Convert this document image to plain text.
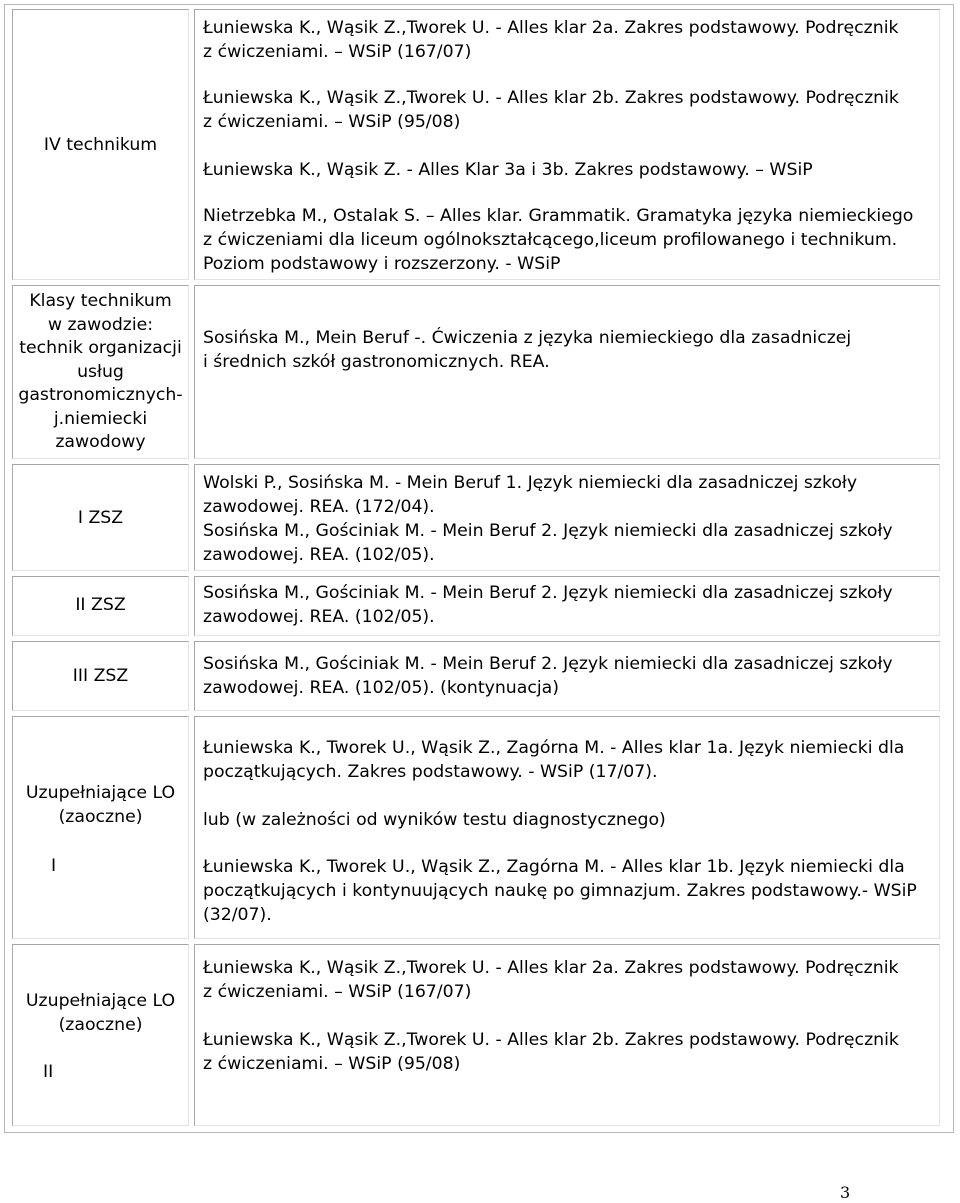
IV technikum
Łuniewska K., Wąsik Z.,Tworek U. - Alles klar 2a. Zakres podstawowy. Podręcznik
z ćwiczeniami. – WSiP (167/07)
Łuniewska K., Wąsik Z.,Tworek U. - Alles klar 2b. Zakres podstawowy. Podręcznik
z ćwiczeniami. – WSiP (95/08)
Łuniewska K., Wąsik Z. - Alles Klar 3a i 3b. Zakres podstawowy. – WSiP
Nietrzebka M., Ostalak S. – Alles klar. Grammatik. Gramatyka języka niemieckiego
z ćwiczeniami dla liceum ogólnokształcącego,liceum profilowanego i technikum.
Poziom podstawowy i rozszerzony. - WSiP
Klasy technikum
w zawodzie:
technik organizacji
usług
gastronomicznych-
j.niemiecki
zawodowy
Sosińska M., Mein Beruf -. Ćwiczenia z języka niemieckiego dla zasadniczej
i średnich szkół gastronomicznych. REA.
I ZSZ
Wolski P., Sosińska M. - Mein Beruf 1. Język niemiecki dla zasadniczej szkoły
zawodowej. REA. (172/04).
Sosińska M., Gościniak M. - Mein Beruf 2. Język niemiecki dla zasadniczej szkoły
zawodowej. REA. (102/05).
II ZSZ
Sosińska M., Gościniak M. - Mein Beruf 2. Język niemiecki dla zasadniczej szkoły
zawodowej. REA. (102/05).
III ZSZ
Sosińska M., Gościniak M. - Mein Beruf 2. Język niemiecki dla zasadniczej szkoły
zawodowej. REA. (102/05). (kontynuacja)
Uzupełniające LO
(zaoczne)
I
Łuniewska K., Tworek U., Wąsik Z., Zagórna M. - Alles klar 1a. Język niemiecki dla
początkujących. Zakres podstawowy. - WSiP (17/07).
lub (w zależności od wyników testu diagnostycznego)
Łuniewska K., Tworek U., Wąsik Z., Zagórna M. - Alles klar 1b. Język niemiecki dla
początkujących i kontynuujących naukę po gimnazjum. Zakres podstawowy.- WSiP
(32/07).
Uzupełniające LO
(zaoczne)
II
Łuniewska K., Wąsik Z.,Tworek U. - Alles klar 2a. Zakres podstawowy. Podręcznik
z ćwiczeniami. – WSiP (167/07)
Łuniewska K., Wąsik Z.,Tworek U. - Alles klar 2b. Zakres podstawowy. Podręcznik
z ćwiczeniami. – WSiP (95/08)
3
